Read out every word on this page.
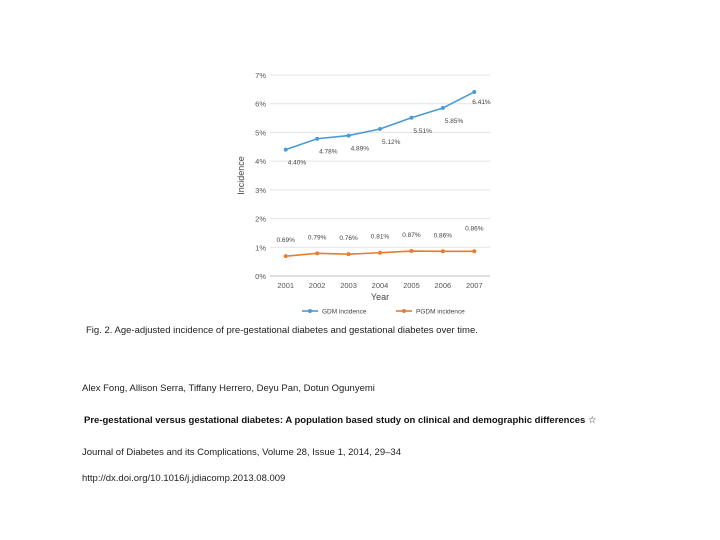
0%
1%
2%
3%
4%
5%
6%
7%
2001 2002 2003 2004 2005 2006 2007
4.40%
4.78% 4.89%
5.12%
5.51%
5.85%
6.41%
0.69% 0.79% 0.76% 0.81% 0.87% 0.86%
0.86%
Incidence
Year
GDM incidence	PGDM incidence
Fig. 2. Age-adjusted incidence of pre-gestational diabetes and gestational diabetes over time.
Alex Fong, Allison Serra, Tiffany Herrero, Deyu Pan, Dotun Ogunyemi
Pre-gestational versus gestational diabetes: A population based study on clinical and demographic differences ☆
Journal of Diabetes and its Complications, Volume 28, Issue 1, 2014, 29–34
http://dx.doi.org/10.1016/j.jdiacomp.2013.08.009
